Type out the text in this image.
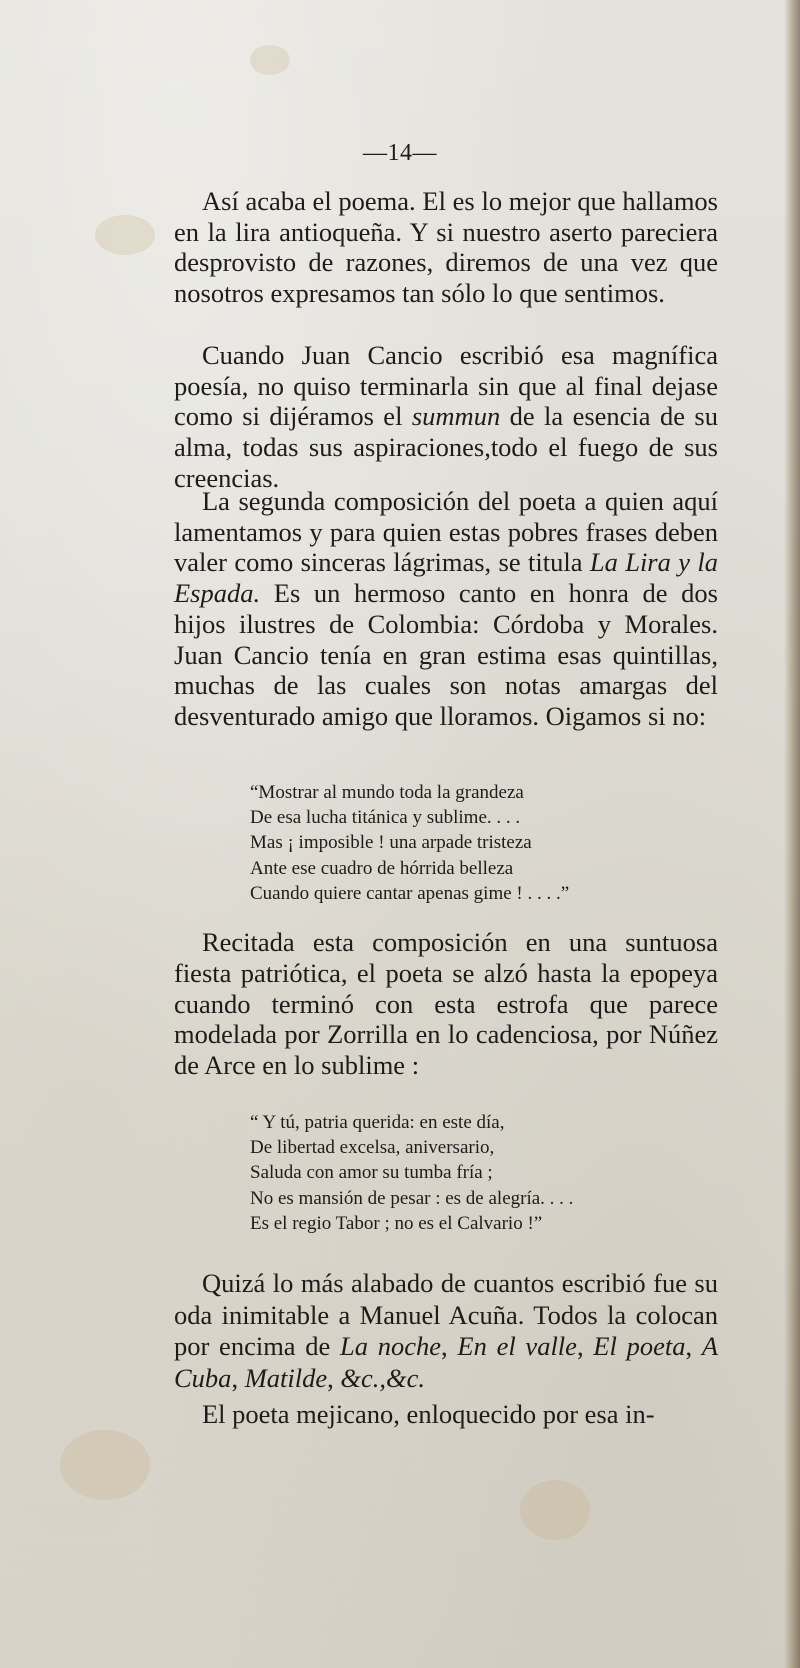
—14—

Así acaba el poema. El es lo mejor que hallamos en la lira antioqueña. Y si nuestro aserto pareciera desprovisto de razones, diremos de una vez que nosotros expresamos tan sólo lo que sentimos.

Cuando Juan Cancio escribió esa magnífica poesía, no quiso terminarla sin que al final dejase como si dijéramos el summun de la esencia de su alma, todas sus aspiraciones,todo el fuego de sus creencias.

La segunda composición del poeta a quien aquí lamentamos y para quien estas pobres frases deben valer como sinceras lágrimas, se titula La Lira y la Espada. Es un hermoso canto en honra de dos hijos ilustres de Colombia: Córdoba y Morales. Juan Cancio tenía en gran estima esas quintillas, muchas de las cuales son notas amargas del desventurado amigo que lloramos. Oigamos si no:

“Mostrar al mundo toda la grandeza
De esa lucha titánica y sublime. . . .
Mas ¡ imposible ! una arpade tristeza
Ante ese cuadro de hórrida belleza
Cuando quiere cantar apenas gime ! . . . .”

Recitada esta composición en una suntuosa fiesta patriótica, el poeta se alzó hasta la epopeya cuando terminó con esta estrofa que parece modelada por Zorrilla en lo cadenciosa, por Núñez de Arce en lo sublime :

“ Y tú, patria querida: en este día,
De libertad excelsa, aniversario,
Saluda con amor su tumba fría ;
No es mansión de pesar : es de alegría. . . .
Es el regio Tabor ; no es el Calvario !”

Quizá lo más alabado de cuantos escribió fue su oda inimitable a Manuel Acuña. Todos la colocan por encima de La noche, En el valle, El poeta, A Cuba, Matilde, &c.,&c.

El poeta mejicano, enloquecido por esa in-
